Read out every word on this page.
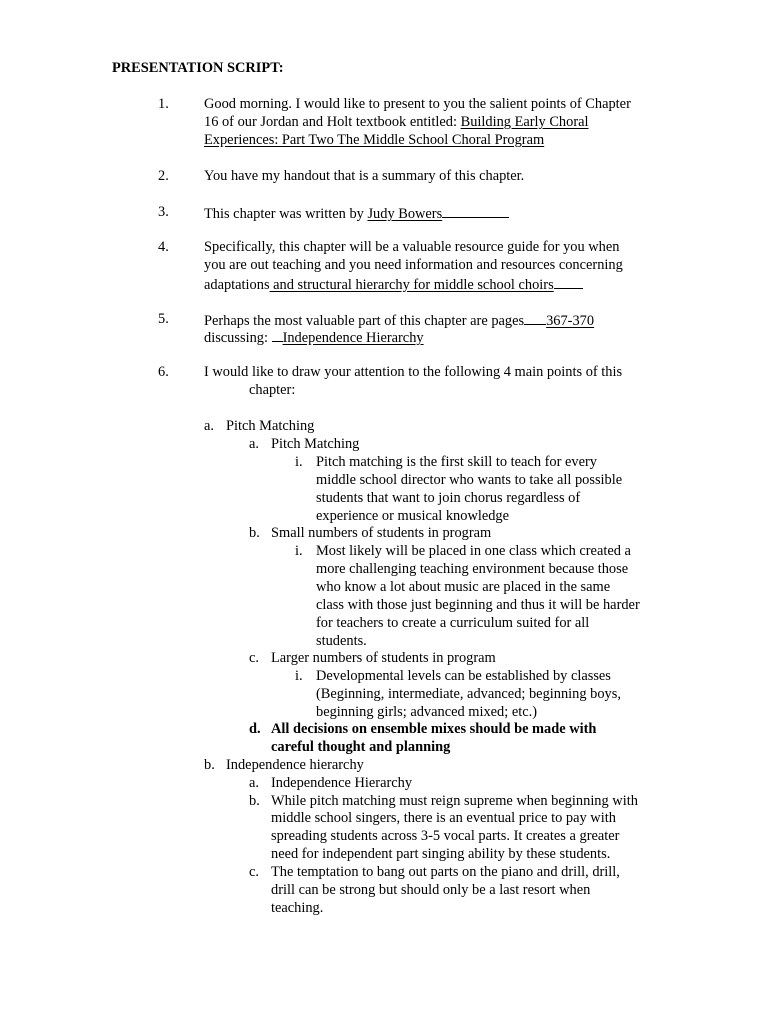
PRESENTATION SCRIPT:
1. Good morning. I would like to present to you the salient points of Chapter
16 of our Jordan and Holt textbook entitled: Building Early Choral
Experiences: Part Two The Middle School Choral Program
2. You have my handout that is a summary of this chapter.
3. This chapter was written by Judy Bowers
4. Specifically, this chapter will be a valuable resource guide for you when
you are out teaching and you need information and resources concerning
adaptations and structural hierarchy for middle school choirs
5. Perhaps the most valuable part of this chapter are pages 367-370
discussing: Independence Hierarchy
6. I would like to draw your attention to the following 4 main points of this
chapter:
a. Pitch Matching
a. Pitch Matching
i. Pitch matching is the first skill to teach for every
middle school director who wants to take all possible
students that want to join chorus regardless of
experience or musical knowledge
b. Small numbers of students in program
i. Most likely will be placed in one class which created a
more challenging teaching environment because those
who know a lot about music are placed in the same
class with those just beginning and thus it will be harder
for teachers to create a curriculum suited for all
students.
c. Larger numbers of students in program
i. Developmental levels can be established by classes
(Beginning, intermediate, advanced; beginning boys,
beginning girls; advanced mixed; etc.)
d. All decisions on ensemble mixes should be made with
careful thought and planning
b. Independence hierarchy
a. Independence Hierarchy
b. While pitch matching must reign supreme when beginning with
middle school singers, there is an eventual price to pay with
spreading students across 3-5 vocal parts. It creates a greater
need for independent part singing ability by these students.
c. The temptation to bang out parts on the piano and drill, drill,
drill can be strong but should only be a last resort when
teaching.
